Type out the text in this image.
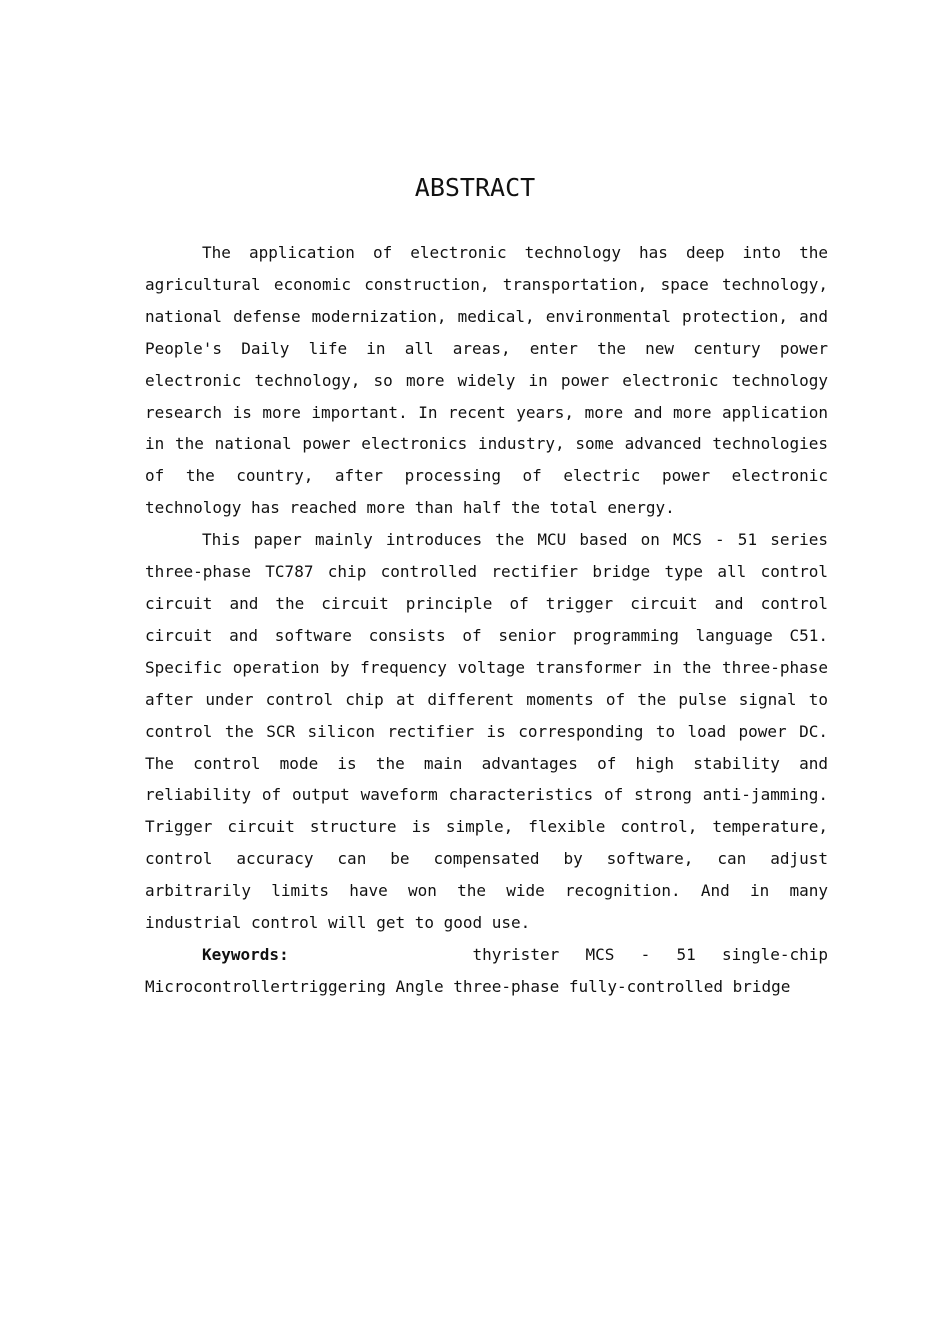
ABSTRACT

The application of electronic technology has deep into the agricultural economic construction, transportation, space technology, national defense modernization, medical, environmental protection, and People's Daily life in all areas, enter the new century power electronic technology, so more widely in power electronic technology research is more important. In recent years, more and more application in the national power electronics industry, some advanced technologies of the country, after processing of electric power electronic technology has reached more than half the total energy.

This paper mainly introduces the MCU based on MCS - 51 series three-phase TC787 chip controlled rectifier bridge type all control circuit and the circuit principle of trigger circuit and control circuit and software consists of senior programming language C51. Specific operation by frequency voltage transformer in the three-phase after under control chip at different moments of the pulse signal to control the SCR silicon rectifier is corresponding to load power DC. The control mode is the main advantages of high stability and reliability of output waveform characteristics of strong anti-jamming. Trigger circuit structure is simple, flexible control, temperature, control accuracy can be compensated by software, can adjust arbitrarily limits have won the wide recognition. And in many industrial control will get to good use.

Keywords:	thyrister MCS - 51 single-chip Microcontrollertriggering Angle three-phase fully-controlled bridge
